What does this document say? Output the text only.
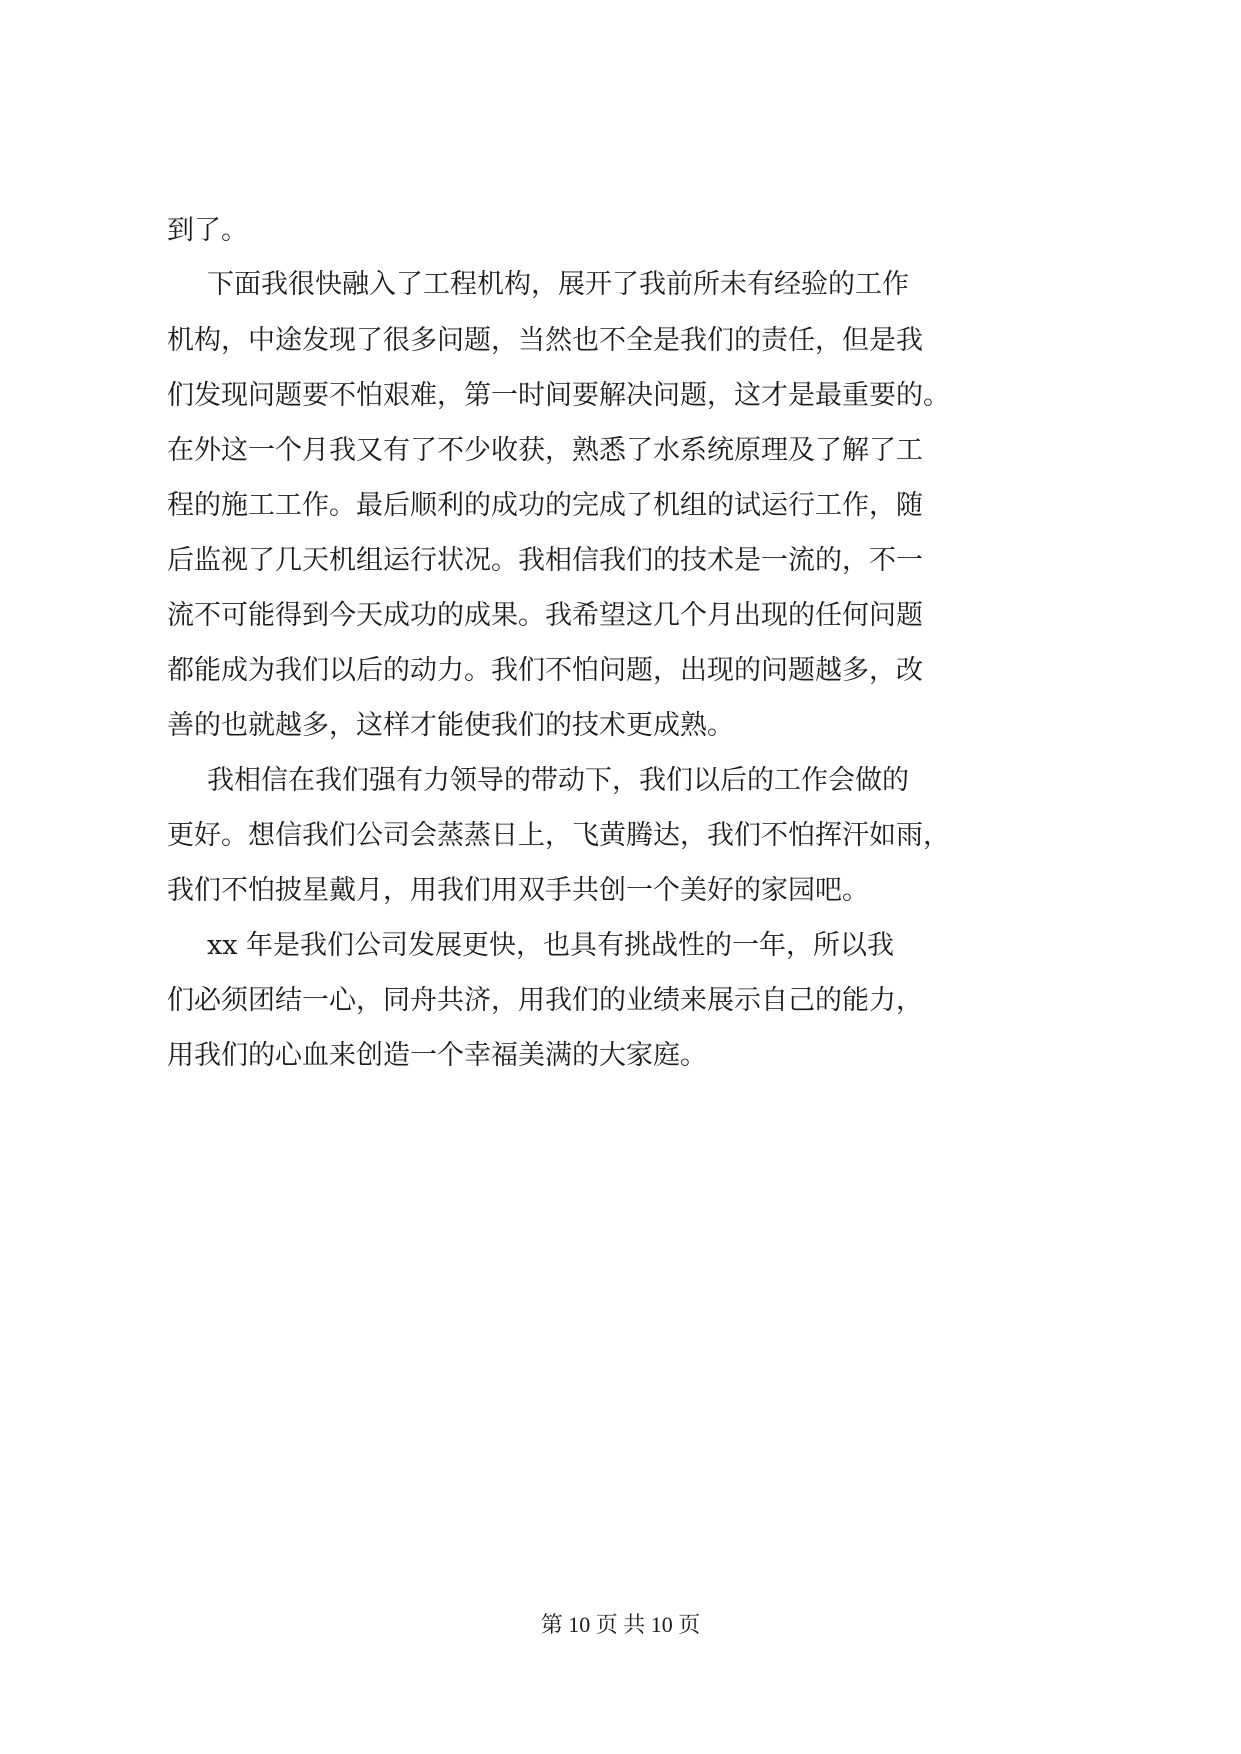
到了。
下面我很快融入了工程机构，展开了我前所未有经验的工作
机构，中途发现了很多问题，当然也不全是我们的责任，但是我
们发现问题要不怕艰难，第一时间要解决问题，这才是最重要的。
在外这一个月我又有了不少收获，熟悉了水系统原理及了解了工
程的施工工作。最后顺利的成功的完成了机组的试运行工作，随
后监视了几天机组运行状况。我相信我们的技术是一流的，不一
流不可能得到今天成功的成果。我希望这几个月出现的任何问题
都能成为我们以后的动力。我们不怕问题，出现的问题越多，改
善的也就越多，这样才能使我们的技术更成熟。
我相信在我们强有力领导的带动下，我们以后的工作会做的
更好。想信我们公司会蒸蒸日上，飞黄腾达，我们不怕挥汗如雨，
我们不怕披星戴月，用我们用双手共创一个美好的家园吧。
xx 年是我们公司发展更快，也具有挑战性的一年，所以我
们必须团结一心，同舟共济，用我们的业绩来展示自己的能力，
用我们的心血来创造一个幸福美满的大家庭。
第 10 页 共 10 页
